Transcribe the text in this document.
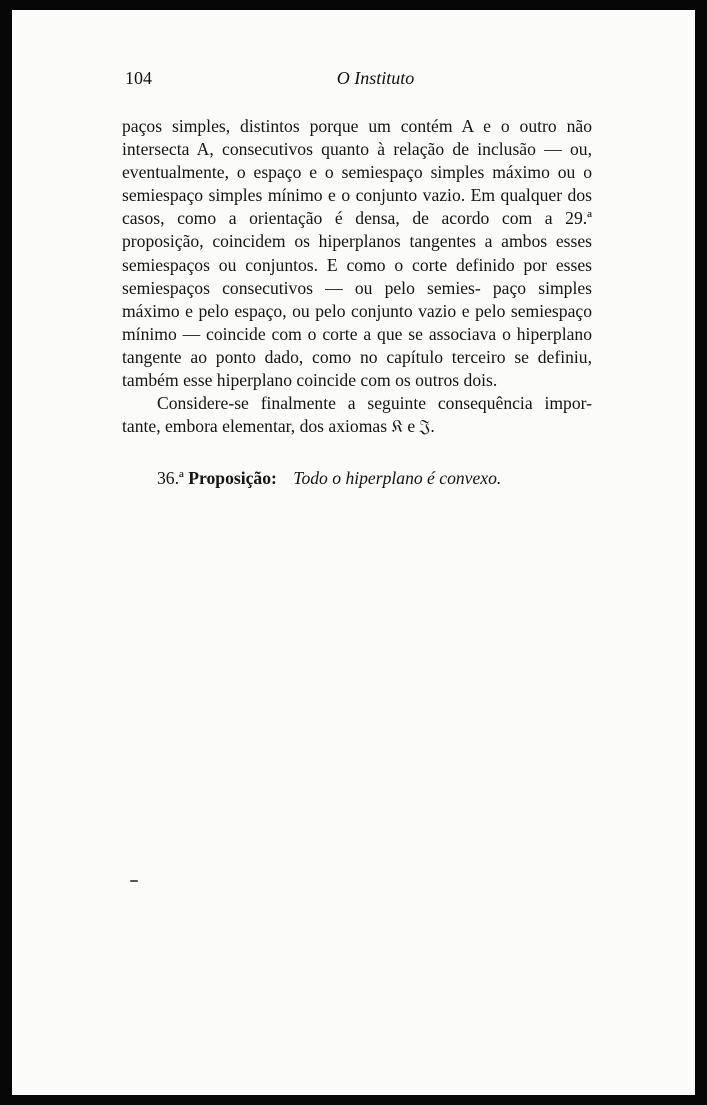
104	O Instituto

paços simples, distintos porque um contém A e o outro não intersecta A, consecutivos quanto à relação de inclusão — ou, eventualmente, o espaço e o semiespaço simples máximo ou o semiespaço simples mínimo e o conjunto vazio. Em qualquer dos casos, como a orientação é densa, de acordo com a 29.ª proposição, coincidem os hiperplanos tangentes a ambos esses semiespaços ou conjuntos. E como o corte definido por esses semiespaços consecutivos — ou pelo semies- paço simples máximo e pelo espaço, ou pelo conjunto vazio e pelo semiespaço mínimo — coincide com o corte a que se associava o hiperplano tangente ao ponto dado, como no capítulo terceiro se definiu, também esse hiperplano coincide com os outros dois.

Considere-se finalmente a seguinte consequência impor- tante, embora elementar, dos axiomas 𝔎 e 𝔍.

36.ª Proposição: Todo o hiperplano é convexo.
